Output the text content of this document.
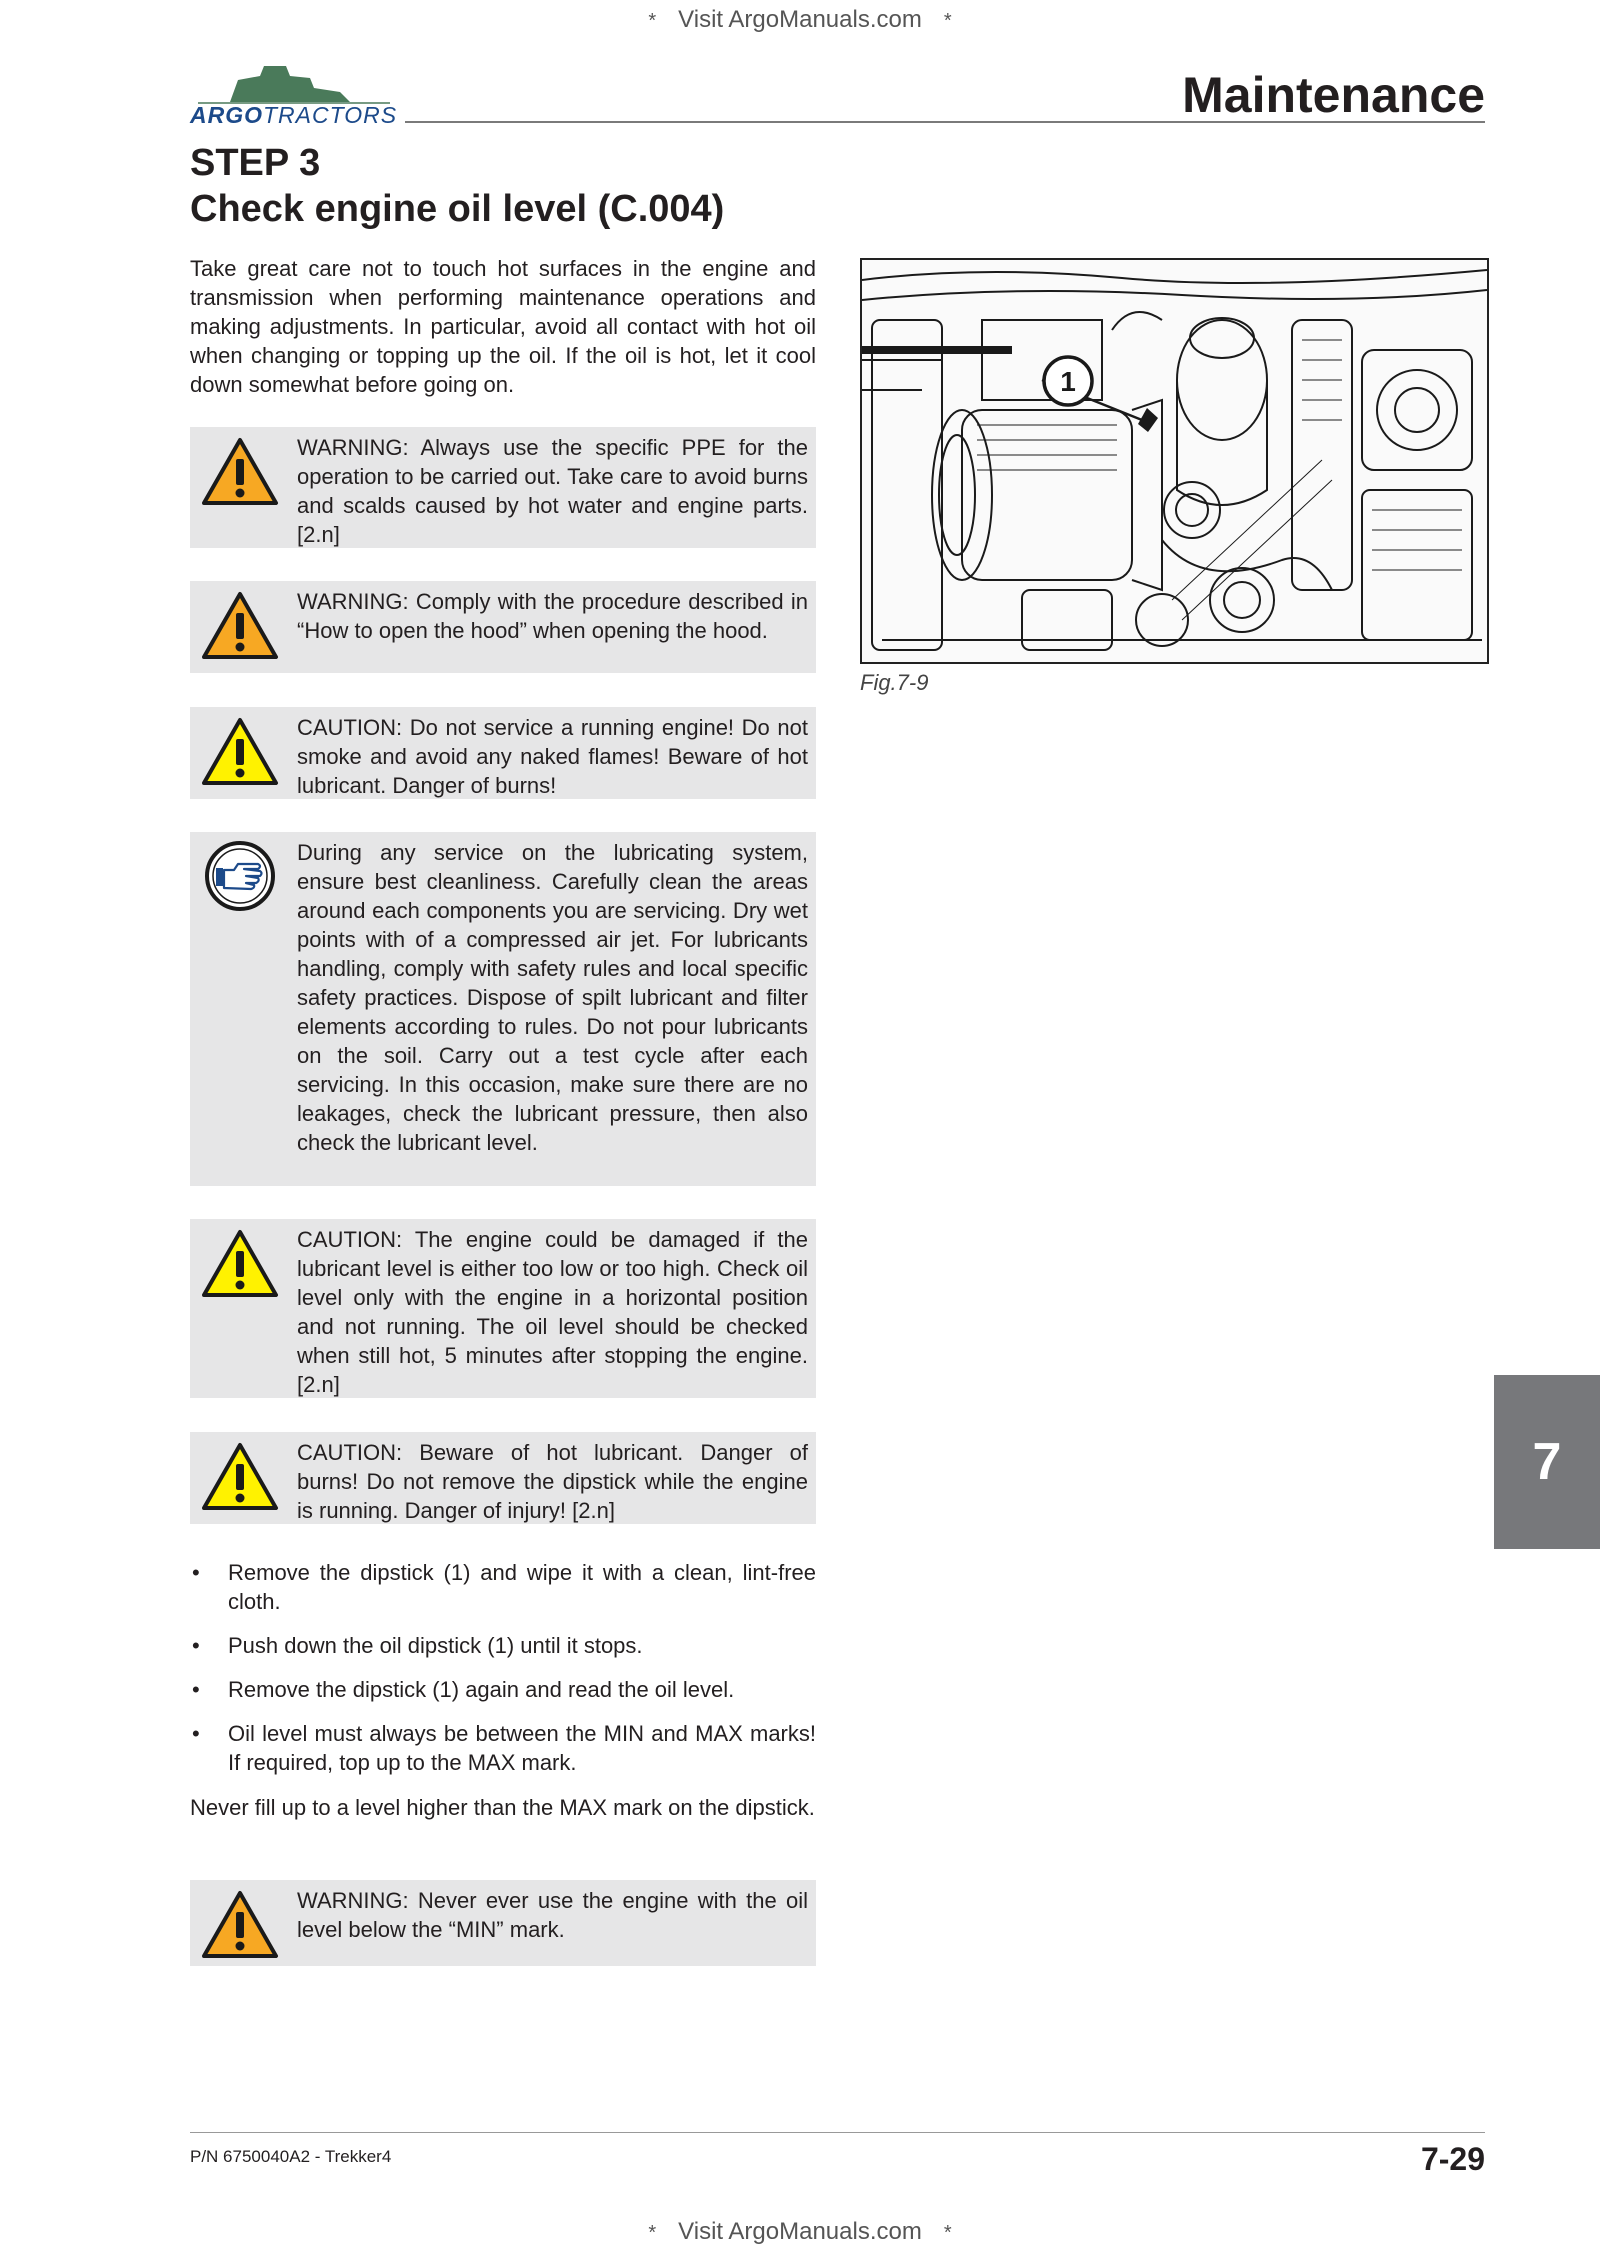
* Visit ArgoManuals.com *
ARGOTRACTORS	Maintenance
STEP 3
Check engine oil level (C.004)
Take great care not to touch hot surfaces in the engine and transmission when performing maintenance operations and making adjustments. In particular, avoid all contact with hot oil when changing or topping up the oil. If the oil is hot, let it cool down somewhat before going on.
WARNING: Always use the specific PPE for the operation to be carried out. Take care to avoid burns and scalds caused by hot water and engine parts. [2.n]
WARNING: Comply with the procedure described in “How to open the hood” when opening the hood.
CAUTION: Do not service a running engine! Do not smoke and avoid any naked flames! Beware of hot lubricant. Danger of burns!
During any service on the lubricating system, ensure best cleanliness. Carefully clean the areas around each components you are servicing. Dry wet points with of a compressed air jet. For lubricants handling, comply with safety rules and local specific safety practices. Dispose of spilt lubricant and filter elements according to rules. Do not pour lubricants on the soil. Carry out a test cycle after each servicing. In this occasion, make sure there are no leakages, check the lubricant pressure, then also check the lubricant level.
CAUTION: The engine could be damaged if the lubricant level is either too low or too high. Check oil level only with the engine in a horizontal position and not running. The oil level should be checked when still hot, 5 minutes after stopping the engine. [2.n]
CAUTION: Beware of hot lubricant. Danger of burns! Do not remove the dipstick while the engine is running. Danger of injury! [2.n]
• Remove the dipstick (1) and wipe it with a clean, lint-free cloth.
• Push down the oil dipstick (1) until it stops.
• Remove the dipstick (1) again and read the oil level.
• Oil level must always be between the MIN and MAX marks! If required, top up to the MAX mark.
Never fill up to a level higher than the MAX mark on the dipstick.
WARNING: Never ever use the engine with the oil level below the “MIN” mark.
1
Fig.7-9
7
P/N 6750040A2 - Trekker4	7-29
* Visit ArgoManuals.com *
